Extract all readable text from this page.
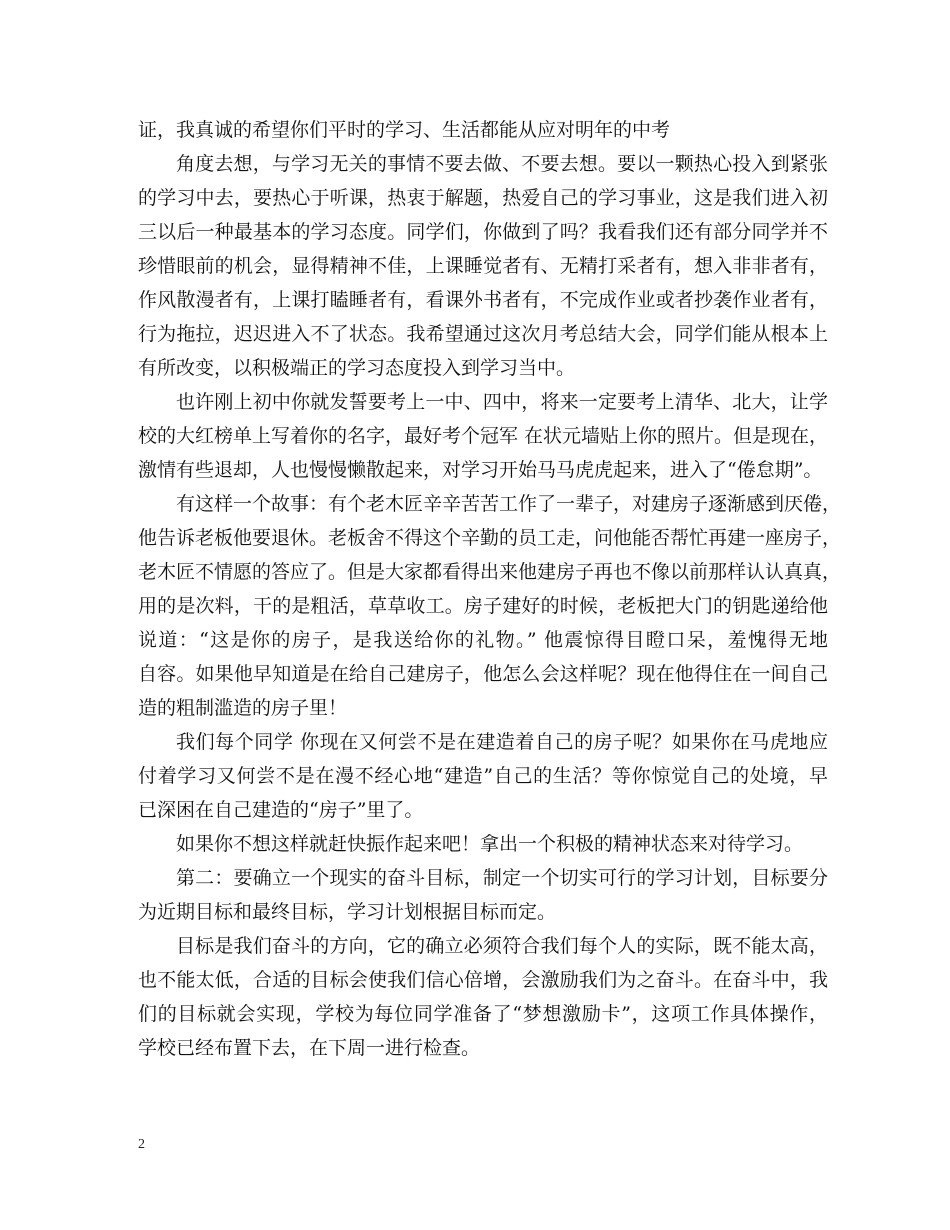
证，我真诚的希望你们平时的学习、生活都能从应对明年的中考
角度去想，与学习无关的事情不要去做、不要去想。要以一颗热心投入到紧张
的学习中去，要热心于听课，热衷于解题，热爱自己的学习事业，这是我们进入初
三以后一种最基本的学习态度。同学们，你做到了吗？我看我们还有部分同学并不
珍惜眼前的机会，显得精神不佳，上课睡觉者有、无精打采者有，想入非非者有，
作风散漫者有，上课打瞌睡者有，看课外书者有，不完成作业或者抄袭作业者有，
行为拖拉，迟迟进入不了状态。我希望通过这次月考总结大会，同学们能从根本上
有所改变，以积极端正的学习态度投入到学习当中。
也许刚上初中你就发誓要考上一中、四中，将来一定要考上清华、北大，让学
校的大红榜单上写着你的名字，最好考个冠军 在状元墙贴上你的照片。但是现在，
激情有些退却，人也慢慢懒散起来，对学习开始马马虎虎起来，进入了“倦怠期”。
有这样一个故事：有个老木匠辛辛苦苦工作了一辈子，对建房子逐渐感到厌倦，
他告诉老板他要退休。老板舍不得这个辛勤的员工走，问他能否帮忙再建一座房子，
老木匠不情愿的答应了。但是大家都看得出来他建房子再也不像以前那样认认真真，
用的是次料，干的是粗活，草草收工。房子建好的时候，老板把大门的钥匙递给他
说道：“这是你的房子，是我送给你的礼物。” 他震惊得目瞪口呆，羞愧得无地
自容。如果他早知道是在给自己建房子，他怎么会这样呢？现在他得住在一间自己
造的粗制滥造的房子里！
我们每个同学 你现在又何尝不是在建造着自己的房子呢？如果你在马虎地应
付着学习又何尝不是在漫不经心地“建造”自己的生活？等你惊觉自己的处境，早
已深困在自己建造的“房子”里了。
如果你不想这样就赶快振作起来吧！拿出一个积极的精神状态来对待学习。
第二：要确立一个现实的奋斗目标，制定一个切实可行的学习计划，目标要分
为近期目标和最终目标，学习计划根据目标而定。
目标是我们奋斗的方向，它的确立必须符合我们每个人的实际，既不能太高，
也不能太低，合适的目标会使我们信心倍增，会激励我们为之奋斗。在奋斗中，我
们的目标就会实现，学校为每位同学准备了“梦想激励卡”，这项工作具体操作，
学校已经布置下去，在下周一进行检查。
2
